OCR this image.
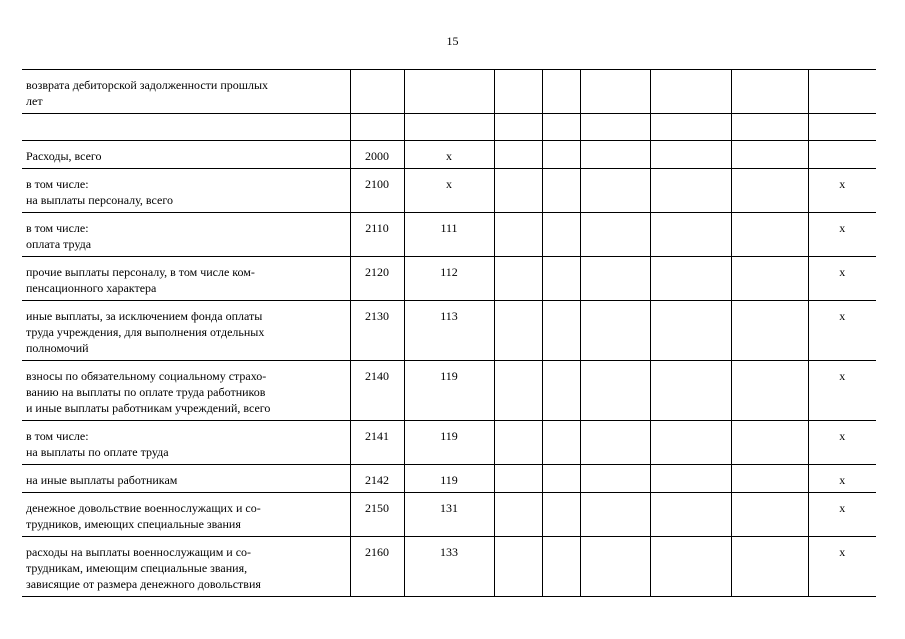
15
возврата дебиторской задолженности прошлых
лет								

Расходы, всего	2000	х						
в том числе:
на выплаты персоналу, всего	2100	х						х
в том числе:
оплата труда	2110	111						х
прочие выплаты персоналу, в том числе ком-
пенсационного характера	2120	112						х
иные выплаты, за исключением фонда оплаты
труда учреждения, для выполнения отдельных
полномочий	2130	113						х
взносы по обязательному социальному страхо-
ванию на выплаты по оплате труда работников
и иные выплаты работникам учреждений, всего	2140	119						х
в том числе:
на выплаты по оплате труда	2141	119						х
на иные выплаты работникам	2142	119						х
денежное довольствие военнослужащих и со-
трудников, имеющих специальные звания	2150	131						х
расходы на выплаты военнослужащим и со-
трудникам, имеющим специальные звания,
зависящие от размера денежного довольствия	2160	133						х
